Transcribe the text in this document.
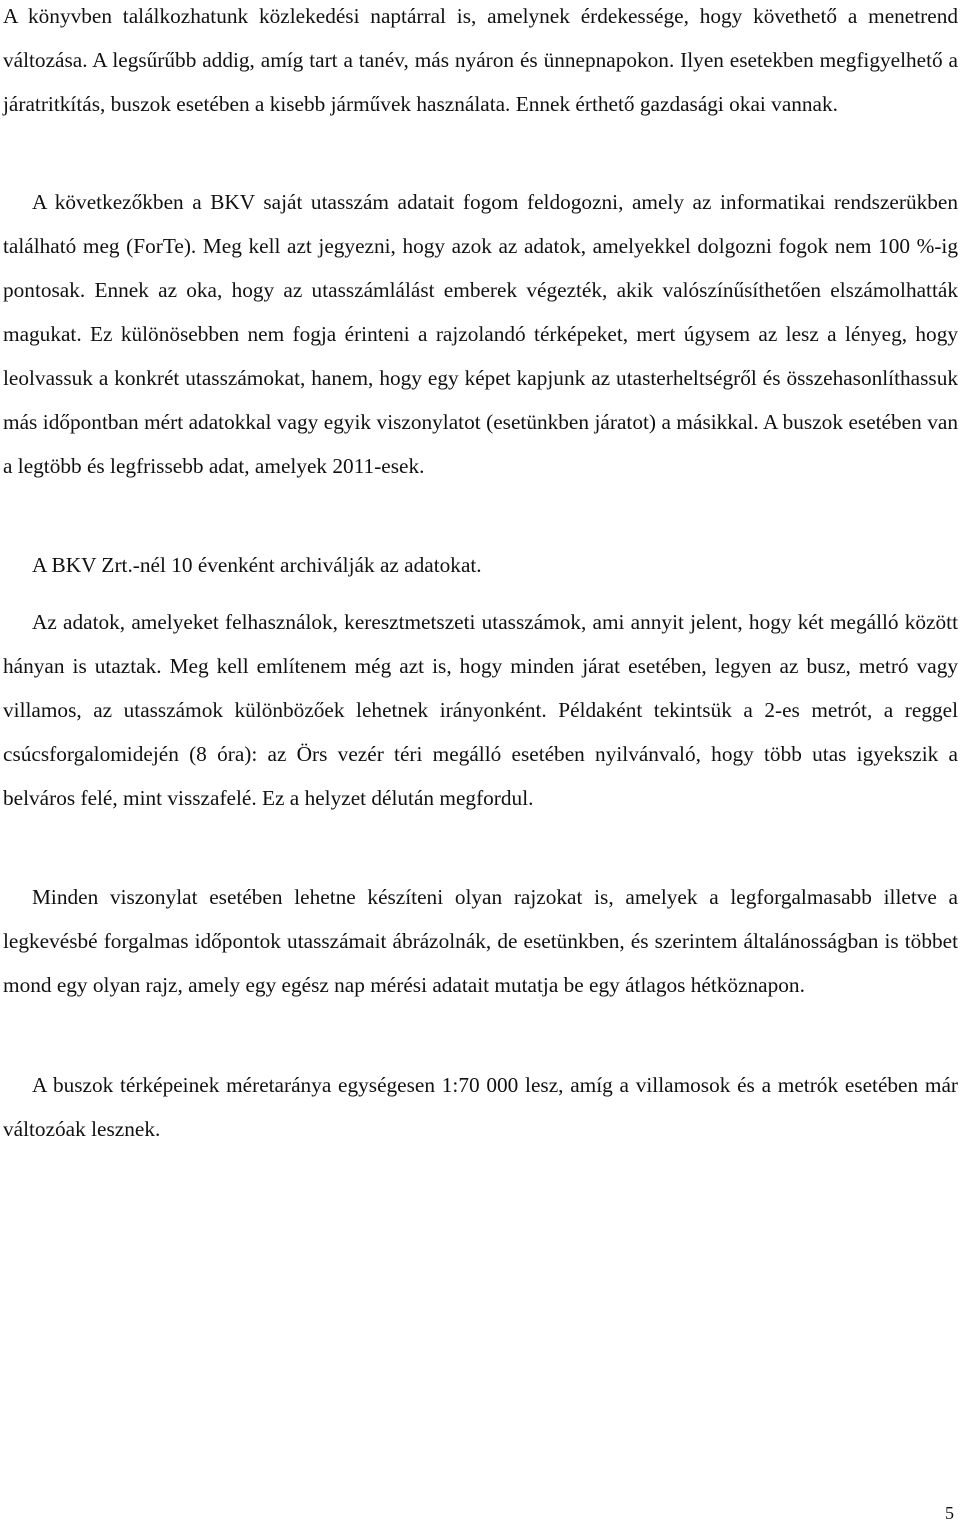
A könyvben találkozhatunk közlekedési naptárral is, amelynek érdekessége, hogy követhető a menetrend változása. A legsűrűbb addig, amíg tart a tanév, más nyáron és ünnepnapokon. Ilyen esetekben megfigyelhető a járatritkítás, buszok esetében a kisebb járművek használata. Ennek érthető gazdasági okai vannak.

A következőkben a BKV saját utasszám adatait fogom feldogozni, amely az informatikai rendszerükben található meg (ForTe). Meg kell azt jegyezni, hogy azok az adatok, amelyekkel dolgozni fogok nem 100 %-ig pontosak. Ennek az oka, hogy az utasszámlálást emberek végezték, akik valószínűsíthetően elszámolhatták magukat. Ez különösebben nem fogja érinteni a rajzolandó térképeket, mert úgysem az lesz a lényeg, hogy leolvassuk a konkrét utasszámokat, hanem, hogy egy képet kapjunk az utasterheltségről és összehasonlíthassuk más időpontban mért adatokkal vagy egyik viszonylatot (esetünkben járatot) a másikkal. A buszok esetében van a legtöbb és legfrissebb adat, amelyek 2011-esek.

A BKV Zrt.-nél 10 évenként archiválják az adatokat.

Az adatok, amelyeket felhasználok, keresztmetszeti utasszámok, ami annyit jelent, hogy két megálló között hányan is utaztak. Meg kell említenem még azt is, hogy minden járat esetében, legyen az busz, metró vagy villamos, az utasszámok különbözőek lehetnek irányonként. Példaként tekintsük a 2-es metrót, a reggel csúcsforgalomidején (8 óra): az Örs vezér téri megálló esetében nyilvánvaló, hogy több utas igyekszik a belváros felé, mint visszafelé. Ez a helyzet délután megfordul.

Minden viszonylat esetében lehetne készíteni olyan rajzokat is, amelyek a legforgalmasabb illetve a legkevésbé forgalmas időpontok utasszámait ábrázolnák, de esetünkben, és szerintem általánosságban is többet mond egy olyan rajz, amely egy egész nap mérési adatait mutatja be egy átlagos hétköznapon.

A buszok térképeinek méretaránya egységesen 1:70 000 lesz, amíg a villamosok és a metrók esetében már változóak lesznek.

5
